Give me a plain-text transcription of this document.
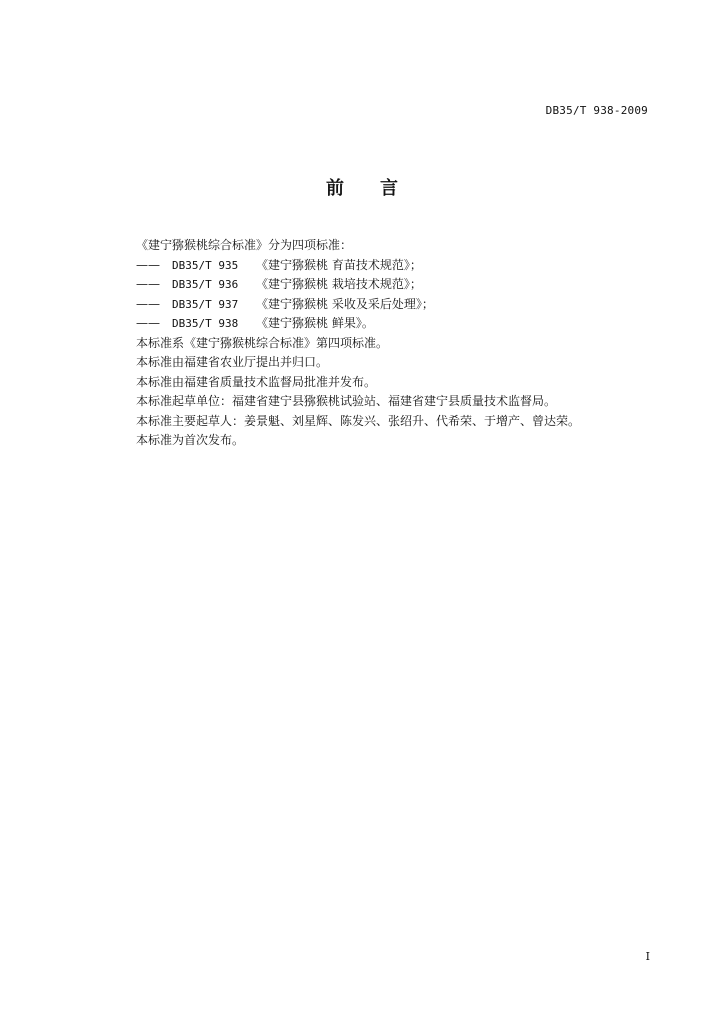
DB35/T 938-2009
前 言
《建宁猕猴桃综合标准》分为四项标准：
——	DB35/T 935	《建宁猕猴桃 育苗技术规范》；
——	DB35/T 936	《建宁猕猴桃 栽培技术规范》；
——	DB35/T 937	《建宁猕猴桃 采收及采后处理》；
——	DB35/T 938	《建宁猕猴桃 鲜果》。
本标准系《建宁猕猴桃综合标准》第四项标准。
本标准由福建省农业厅提出并归口。
本标准由福建省质量技术监督局批准并发布。
本标准起草单位：福建省建宁县猕猴桃试验站、福建省建宁县质量技术监督局。
本标准主要起草人：姜景魁、刘星辉、陈发兴、张绍升、代希荣、于增产、曾达荣。
本标准为首次发布。
I
